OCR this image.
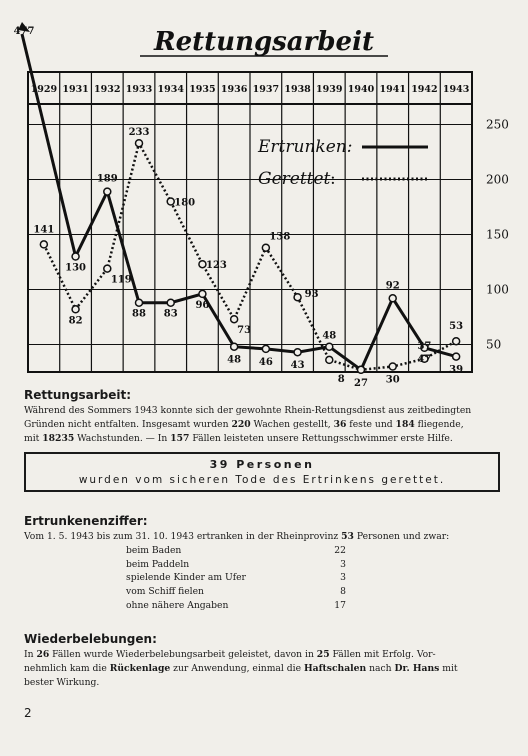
Rettungsarbeit
250
200
150
100
50
1929 1931 1932 1933 1934 1935 1936 1937 1938 1939 1940 1941 1942 1943
477
130
189
88 83
96
48 46 43
48
27
92
47
39
141
82
119
233
180
123
73
138
93
30
37
53
8
Ertrunken:
Gerettet :
Rettungsarbeit:
Während des Sommers 1943 konnte sich der gewohnte Rhein-Rettungsdienst aus zeitbedingten
Gründen nicht entfalten. Insgesamt wurden 220 Wachen gestellt, 36 feste und 184 fliegende,
mit 18235 Wachstunden. — In 157 Fällen leisteten unsere Rettungsschwimmer erste Hilfe.
39 Personen
wurden vom sicheren Tode des Ertrinkens gerettet.
Ertrunkenenziffer:
Vom 1. 5. 1943 bis zum 31. 10. 1943 ertranken in der Rheinprovinz 53 Personen und zwar:
beim Baden	22
beim Paddeln	3
spielende Kinder am Ufer	3
vom Schiff fielen	8
ohne nähere Angaben	17
Wiederbelebungen:
In 26 Fällen wurde Wiederbelebungsarbeit geleistet, davon in 25 Fällen mit Erfolg. Vor-
nehmlich kam die Rückenlage zur Anwendung, einmal die Haftschalen nach Dr. Hans mit
bester Wirkung.
2
